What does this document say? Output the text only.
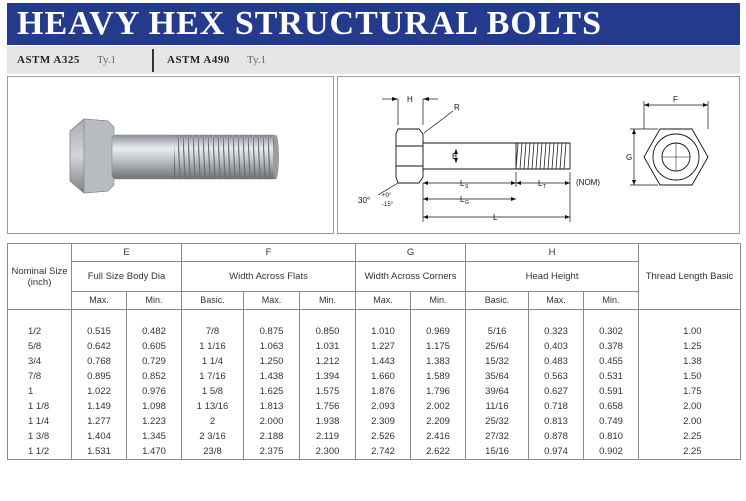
HEAVY HEX STRUCTURAL BOLTS
ASTM A325 Ty.1	ASTM A490 Ty.1
H
R
E
L S	L T	(NOM)
L G
L
30° +0°
-15°
F
G
Nominal Size (inch)	E		F			G		H			Thread Length Basic
	Full Size Body Dia		Width Across Flats			Width Across Corners		Head Height			
	Max.	Min.	Basic.	Max.	Min.	Max.	Min.	Basic.	Max.	Min.	

1/2	0.515	0.482	7/8	0.875	0.850	1.010	0.969	5/16	0.323	0.302	1.00
5/8	0.642	0.605	1 1/16	1.063	1.031	1.227	1.175	25/64	0.403	0.378	1.25
3/4	0.768	0.729	1 1/4	1.250	1.212	1.443	1.383	15/32	0.483	0.455	1.38
7/8	0.895	0.852	1 7/16	1.438	1.394	1.660	1.589	35/64	0.563	0.531	1.50
1	1.022	0.976	1 5/8	1.625	1.575	1.876	1.796	39/64	0.627	0.591	1.75
1 1/8	1.149	1.098	1 13/16	1.813	1.756	2.093	2.002	11/16	0.718	0.658	2.00
1 1/4	1.277	1.223	2	2.000	1.938	2.309	2.209	25/32	0.813	0.749	2.00
1 3/8	1.404	1.345	2 3/16	2.188	2.119	2.526	2.416	27/32	0.878	0.810	2.25
1 1/2	1.531	1.470	23/8	2.375	2.300	2.742	2.622	15/16	0.974	0.902	2.25
